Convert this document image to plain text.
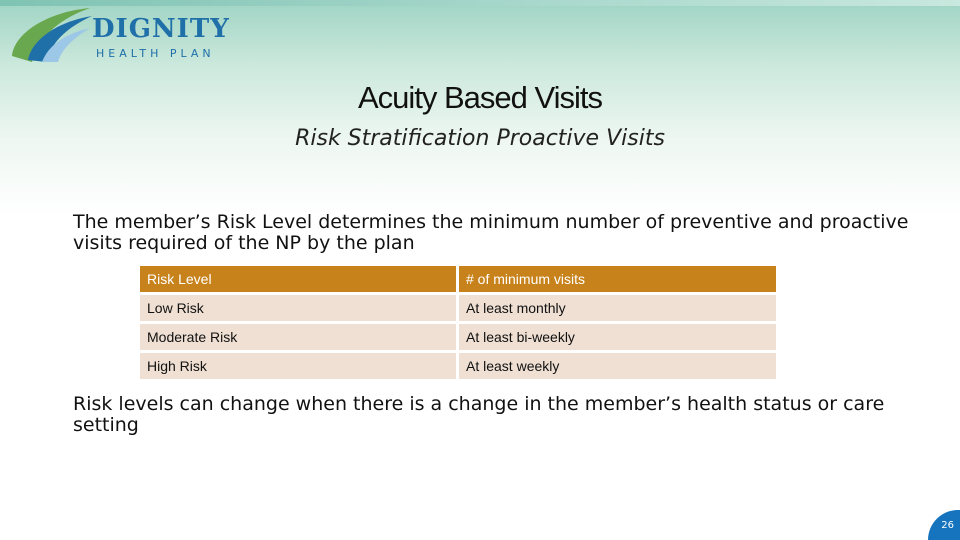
DIGNITY
HEALTH PLAN
Acuity Based Visits
Risk Stratification Proactive Visits
The member’s Risk Level determines the minimum number of preventive and proactive visits required of the NP by the plan
Risk Level	# of minimum visits
Low Risk	At least monthly
Moderate Risk	At least bi-weekly
High Risk	At least weekly
Risk levels can change when there is a change in the member’s health status or care setting
26
